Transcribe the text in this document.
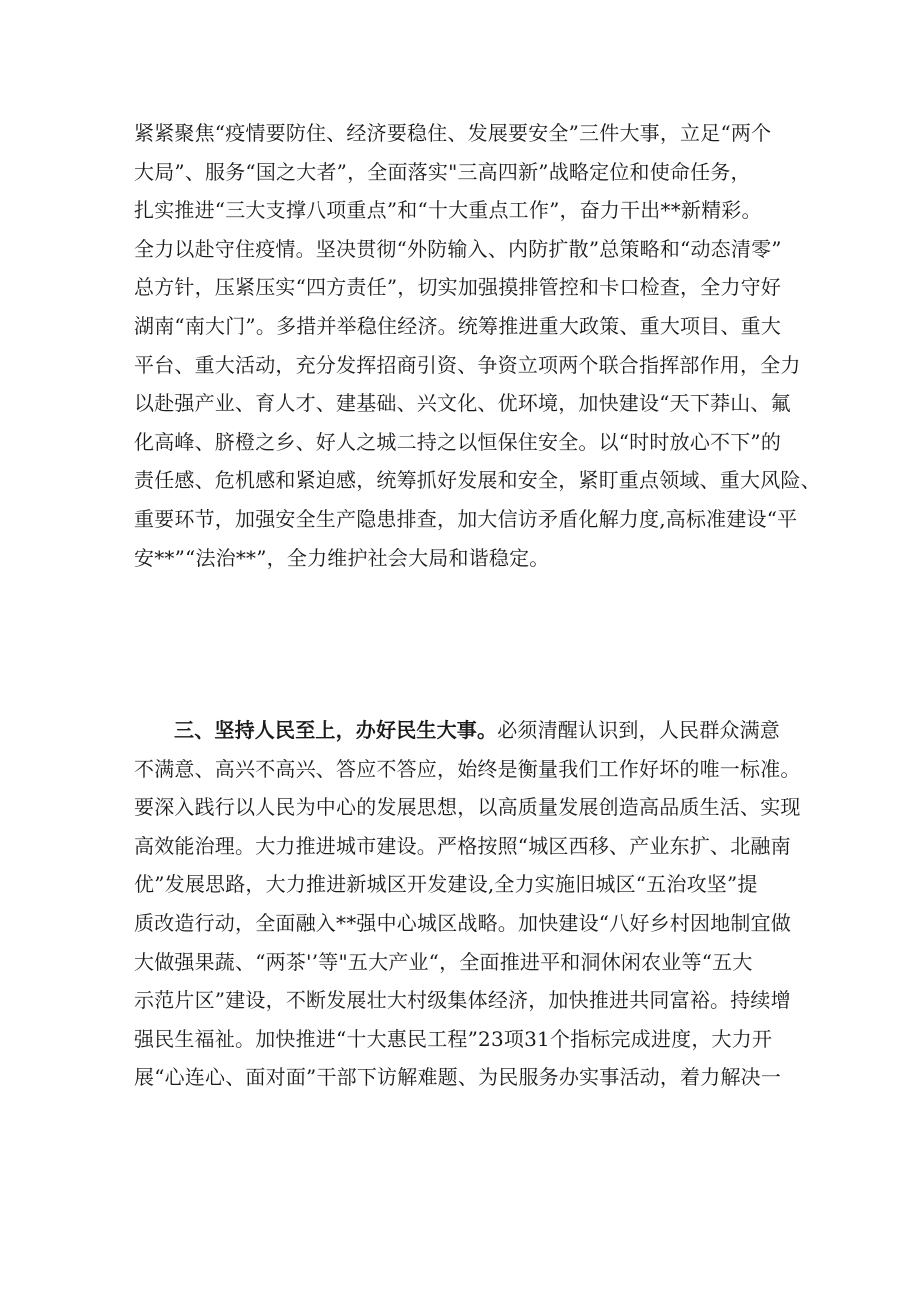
紧紧聚焦“疫情要防住、经济要稳住、发展要安全”三件大事，立足“两个
大局”、服务“国之大者”，全面落实"三高四新”战略定位和使命任务，
扎实推进“三大支撑八项重点”和“十大重点工作”，奋力干出**新精彩。
全力以赴守住疫情。坚决贯彻“外防输入、内防扩散”总策略和“动态清零”
总方针，压紧压实“四方责任”，切实加强摸排管控和卡口检查，全力守好
湖南“南大门”。多措并举稳住经济。统筹推进重大政策、重大项目、重大
平台、重大活动，充分发挥招商引资、争资立项两个联合指挥部作用，全力
以赴强产业、育人才、建基础、兴文化、优环境，加快建设“天下莽山、氟
化高峰、脐橙之乡、好人之城二持之以恒保住安全。以“时时放心不下”的
责任感、危机感和紧迫感，统筹抓好发展和安全，紧盯重点领域、重大风险、
重要环节，加强安全生产隐患排查，加大信访矛盾化解力度,高标准建设“平
安**”“法治**”，全力维护社会大局和谐稳定。
三、坚持人民至上，办好民生大事。必须清醒认识到，人民群众满意
不满意、高兴不高兴、答应不答应，始终是衡量我们工作好坏的唯一标准。
要深入践行以人民为中心的发展思想，以高质量发展创造高品质生活、实现
高效能治理。大力推进城市建设。严格按照“城区西移、产业东扩、北融南
优”发展思路，大力推进新城区开发建设,全力实施旧城区“五治攻坚”提
质改造行动，全面融入**强中心城区战略。加快建设“八好乡村因地制宜做
大做强果蔬、“两茶'’等"五大产业“，全面推进平和洞休闲农业等“五大
示范片区”建设，不断发展壮大村级集体经济，加快推进共同富裕。持续增
强民生福祉。加快推进“十大惠民工程”23项31个指标完成进度，大力开
展“心连心、面对面”干部下访解难题、为民服务办实事活动，着力解决一
